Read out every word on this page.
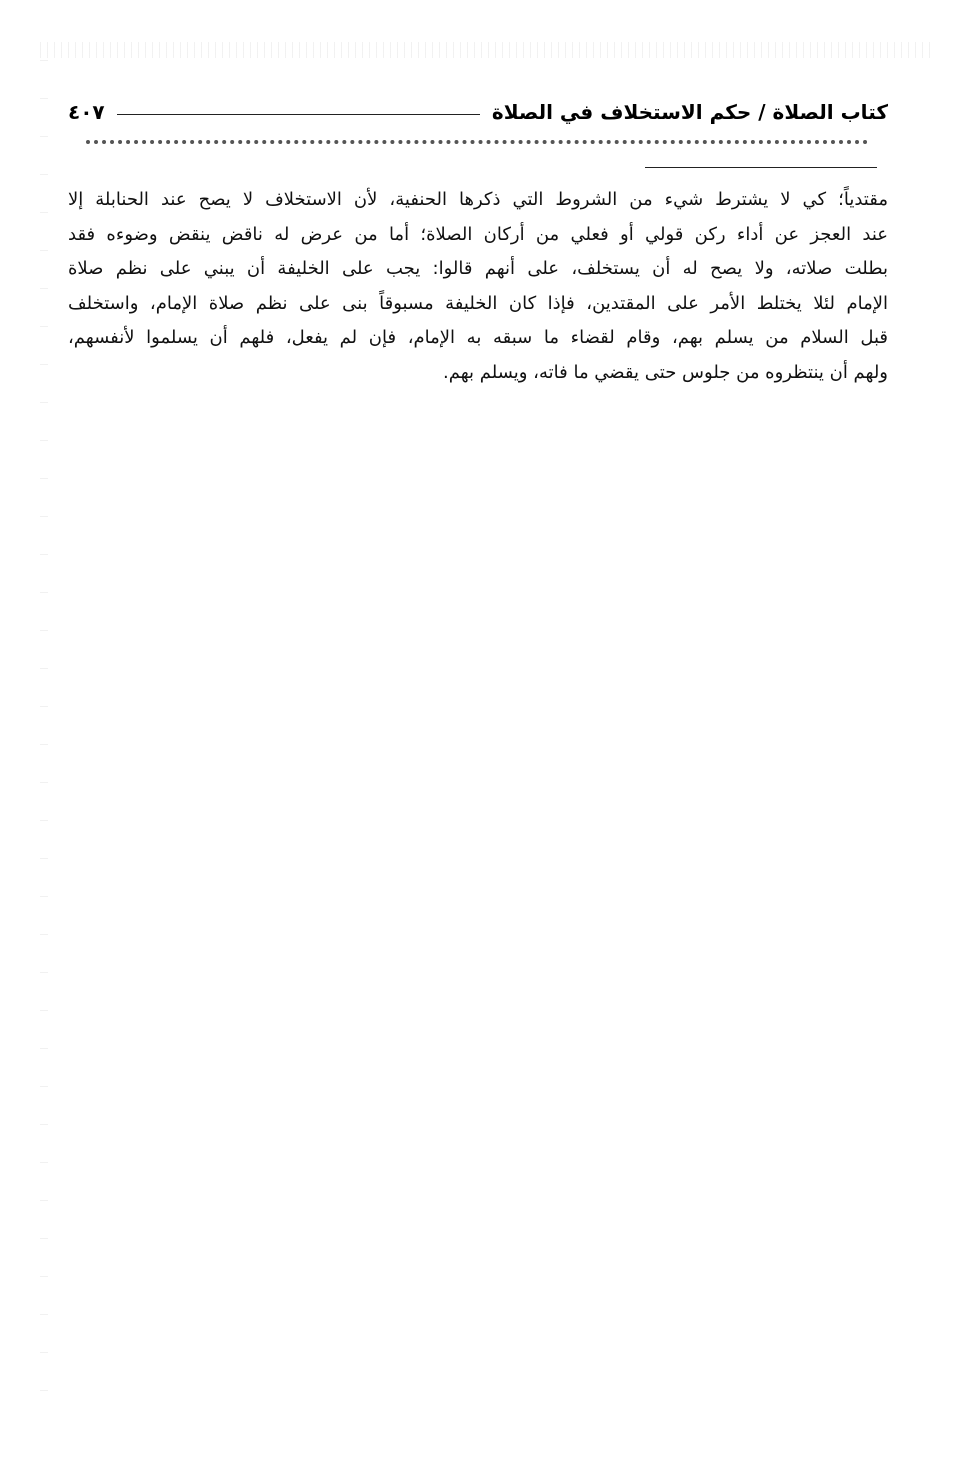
كتاب الصلاة / حكم الاستخلاف في الصلاة
٤٠٧
مقتدياً؛ كي لا يشترط شيء من الشروط التي ذكرها الحنفية، لأن الاستخلاف لا يصح عند الحنابلة إلا
عند العجز عن أداء ركن قولي أو فعلي من أركان الصلاة؛ أما من عرض له ناقض ينقض وضوءه فقد
بطلت صلاته، ولا يصح له أن يستخلف، على أنهم قالوا: يجب على الخليفة أن يبني على نظم صلاة
الإمام لئلا يختلط الأمر على المقتدين، فإذا كان الخليفة مسبوقاً بنى على نظم صلاة الإمام، واستخلف
قبل السلام من يسلم بهم، وقام لقضاء ما سبقه به الإمام، فإن لم يفعل، فلهم أن يسلموا لأنفسهم،
ولهم أن ينتظروه من جلوس حتى يقضي ما فاته، ويسلم بهم.
